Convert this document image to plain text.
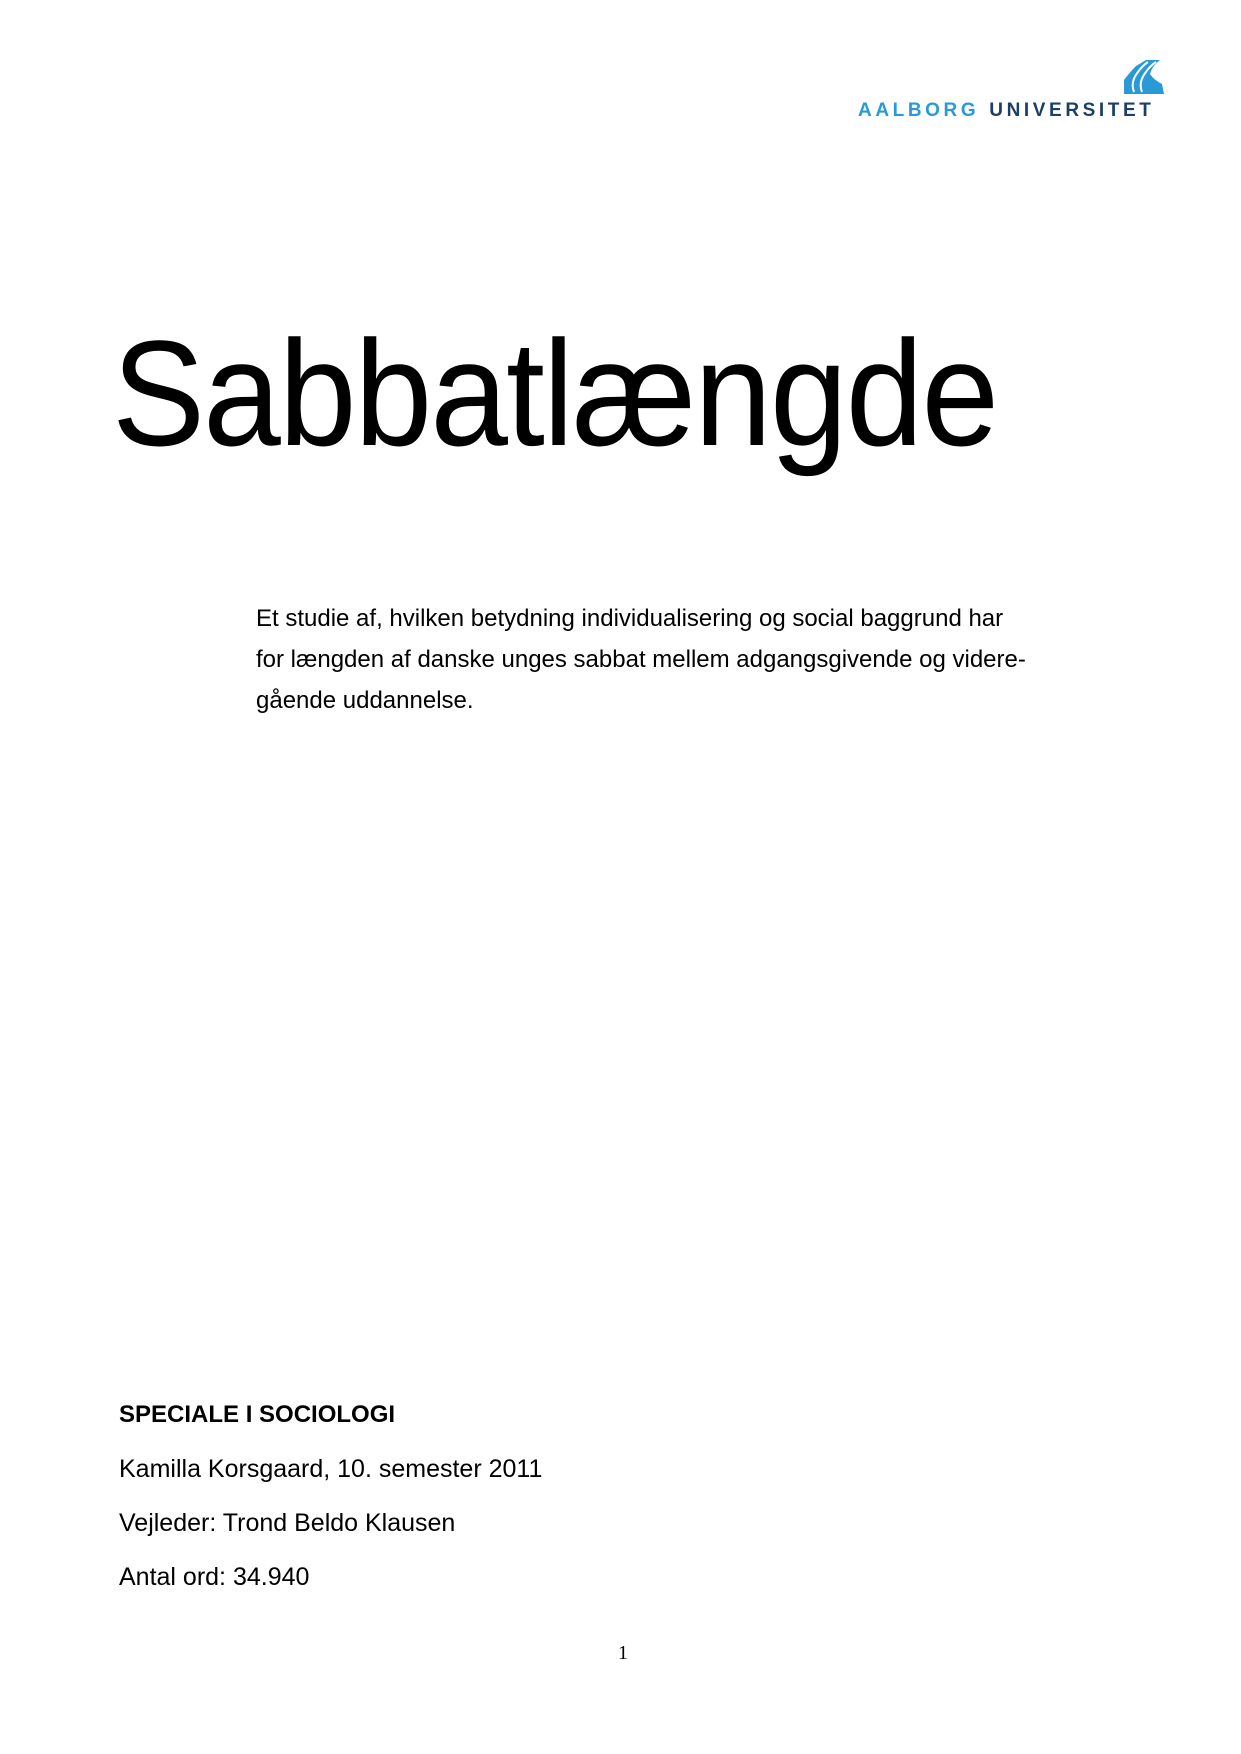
AALBORG UNIVERSITET
Sabbatlængde
Et studie af, hvilken betydning individualisering og social baggrund har
for længden af danske unges sabbat mellem adgangsgivende og videre-
gående uddannelse.
SPECIALE I SOCIOLOGI
Kamilla Korsgaard, 10. semester 2011
Vejleder: Trond Beldo Klausen
Antal ord: 34.940
1
